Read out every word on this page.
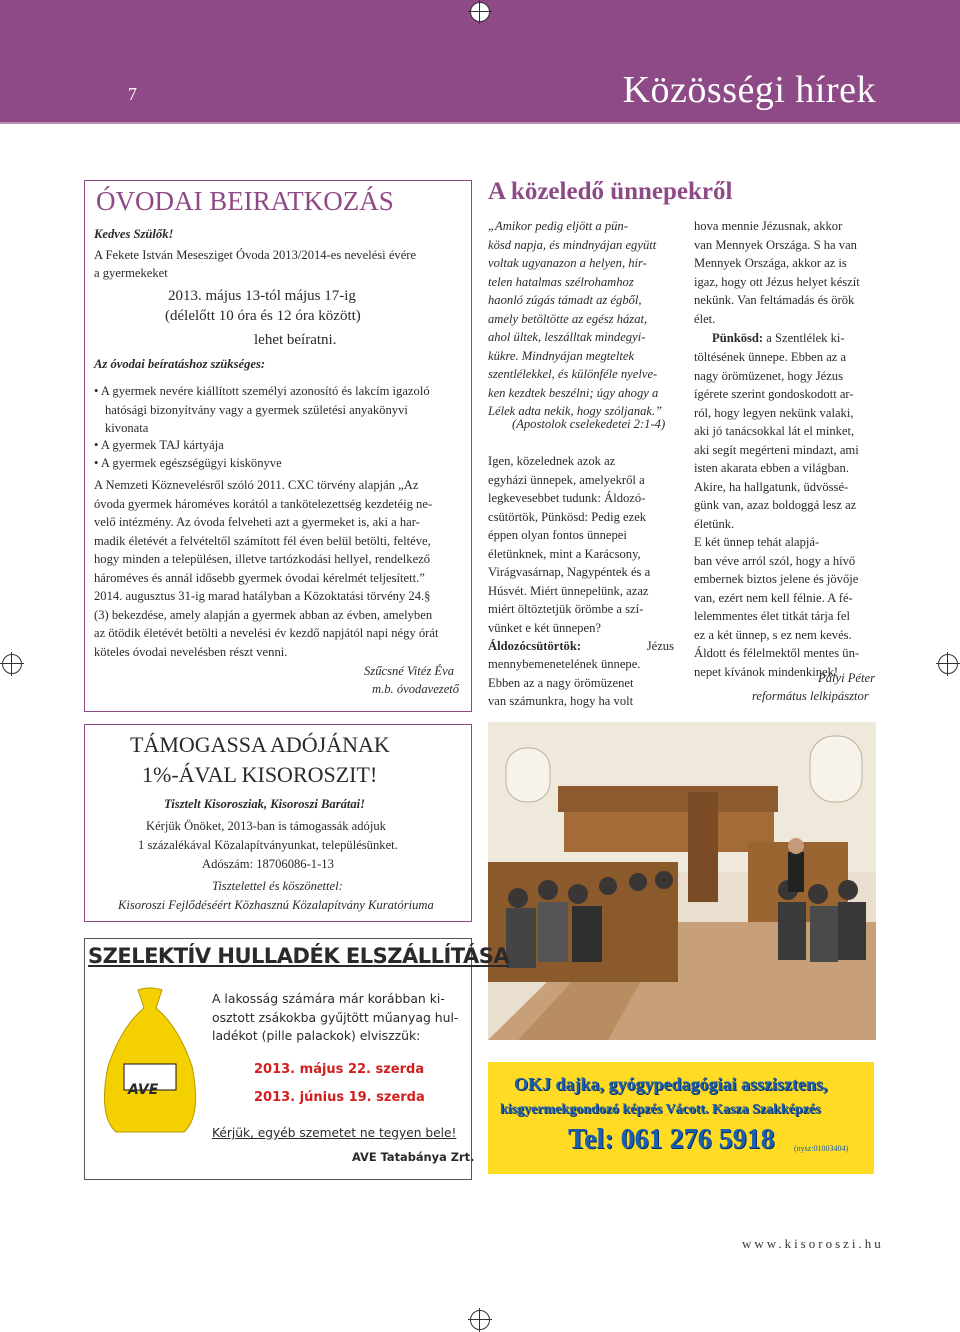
7	Közösségi hírek
ÓVODAI BEIRATKOZÁS
Kedves Szülők!
A Fekete István Mesesziget Óvoda 2013/2014-es nevelési évére
a gyermekeket
2013. május 13-tól május 17-ig
(délelőtt 10 óra és 12 óra között)
lehet beíratni.
Az óvodai beíratáshoz szükséges:
• A gyermek nevére kiállított személyi azonosító és lakcím igazoló
hatósági bizonyítvány vagy a gyermek születési anyakönyvi
kivonata
• A gyermek TAJ kártyája
• A gyermek egészségügyi kiskönyve
A Nemzeti Köznevelésről szóló 2011. CXC törvény alapján „Az
óvoda gyermek hároméves korától a tankötelezettség kezdetéig ne-
velő intézmény. Az óvoda felveheti azt a gyermeket is, aki a har-
madik életévét a felvételtől számított fél éven belül betölti, feltéve,
hogy minden a településen, illetve tartózkodási hellyel, rendelkező
hároméves és annál idősebb gyermek óvodai kérelmét teljesített.”
2014. augusztus 31-ig marad hatályban a Közoktatási törvény 24.§
(3) bekezdése, amely alapján a gyermek abban az évben, amelyben
az ötödik életévét betölti a nevelési év kezdő napjától napi négy órát
köteles óvodai nevelésben részt venni.
Szűcsné Vitéz Éva
m.b. óvodavezető
TÁMOGASSA ADÓJÁNAK
1%-ÁVAL KISOROSZIT!
Tisztelt Kisorosziak, Kisoroszi Barátai!
Kérjük Önöket, 2013-ban is támogassák adójuk
1 százalékával Közalapítványunkat, településünket.
Adószám: 18706086-1-13
Tisztelettel és köszönettel:
Kisoroszi Fejlődéséért Közhasznú Közalapítvány Kuratóriuma
A közeledő ünnepekről
„Amikor pedig eljött a pün-
kösd napja, és mindnyájan együtt
voltak ugyanazon a helyen, hir-
telen hatalmas szélrohamhoz
haonló zúgás támadt az égből,
amely betöltötte az egész házat,
ahol ültek, leszálltak mindegyi-
kükre. Mindnyájan megteltek
szentlélekkel, és különféle nyelve-
ken kezdtek beszélni; úgy ahogy a
Lélek adta nekik, hogy szóljanak.”
(Apostolok cselekedetei 2:1-4)
Igen, közelednek azok az
egyházi ünnepek, amelyekről a
legkevesebbet tudunk: Áldozó-
csütörtök, Pünkösd: Pedig ezek
éppen olyan fontos ünnepei
életünknek, mint a Karácsony,
Virágvasárnap, Nagypéntek és a
Húsvét. Miért ünnepelünk, azaz
miért öltöztetjük örömbe a szí-
vünket e két ünnepen?
Áldozócsütörtök:	Jézus
mennybemenetelének ünnepe.
Ebben az a nagy örömüzenet
van számunkra, hogy ha volt
hova mennie Jézusnak, akkor
van Mennyek Országa. S ha van
Mennyek Országa, akkor az is
igaz, hogy ott Jézus helyet készít
nekünk. Van feltámadás és örök
élet.
Pünkösd: a Szentlélek ki-
töltésének ünnepe. Ebben az a
nagy örömüzenet, hogy Jézus
ígérete szerint gondoskodott ar-
ról, hogy legyen nekünk valaki,
aki jó tanácsokkal lát el minket,
aki segít megérteni mindazt, ami
isten akarata ebben a világban.
Akire, ha hallgatunk, üdvössé-
günk van, azaz boldoggá lesz az
életünk.
E két ünnep tehát alapjá-
ban véve arról szól, hogy a hívő
embernek biztos jelene és jövője
van, ezért nem kell félnie. A fé-
lelemmentes élet titkát tárja fel
ez a két ünnep, s ez nem kevés.
Áldott és félelmektől mentes ün-
nepet kívánok mindenkinek!
Pályi Péter
református lelkipásztor
SZELEKTÍV HULLADÉK ELSZÁLLÍTÁSA
AVE
A lakosság számára már korábban ki-
osztott zsákokba gyűjtött műanyag hul-
ladékot (pille palackok) elviszzük:
2013. május 22. szerda
2013. június 19. szerda
Kérjük, egyéb szemetet ne tegyen bele!
AVE Tatabánya Zrt.
OKJ dajka, gyógypedagógiai asszisztens,
kisgyermekgondozó képzés Vácott. Kasza Szakképzés
Tel: 061 276 5918 (nysz:01003404)
www.kisoroszi.hu
